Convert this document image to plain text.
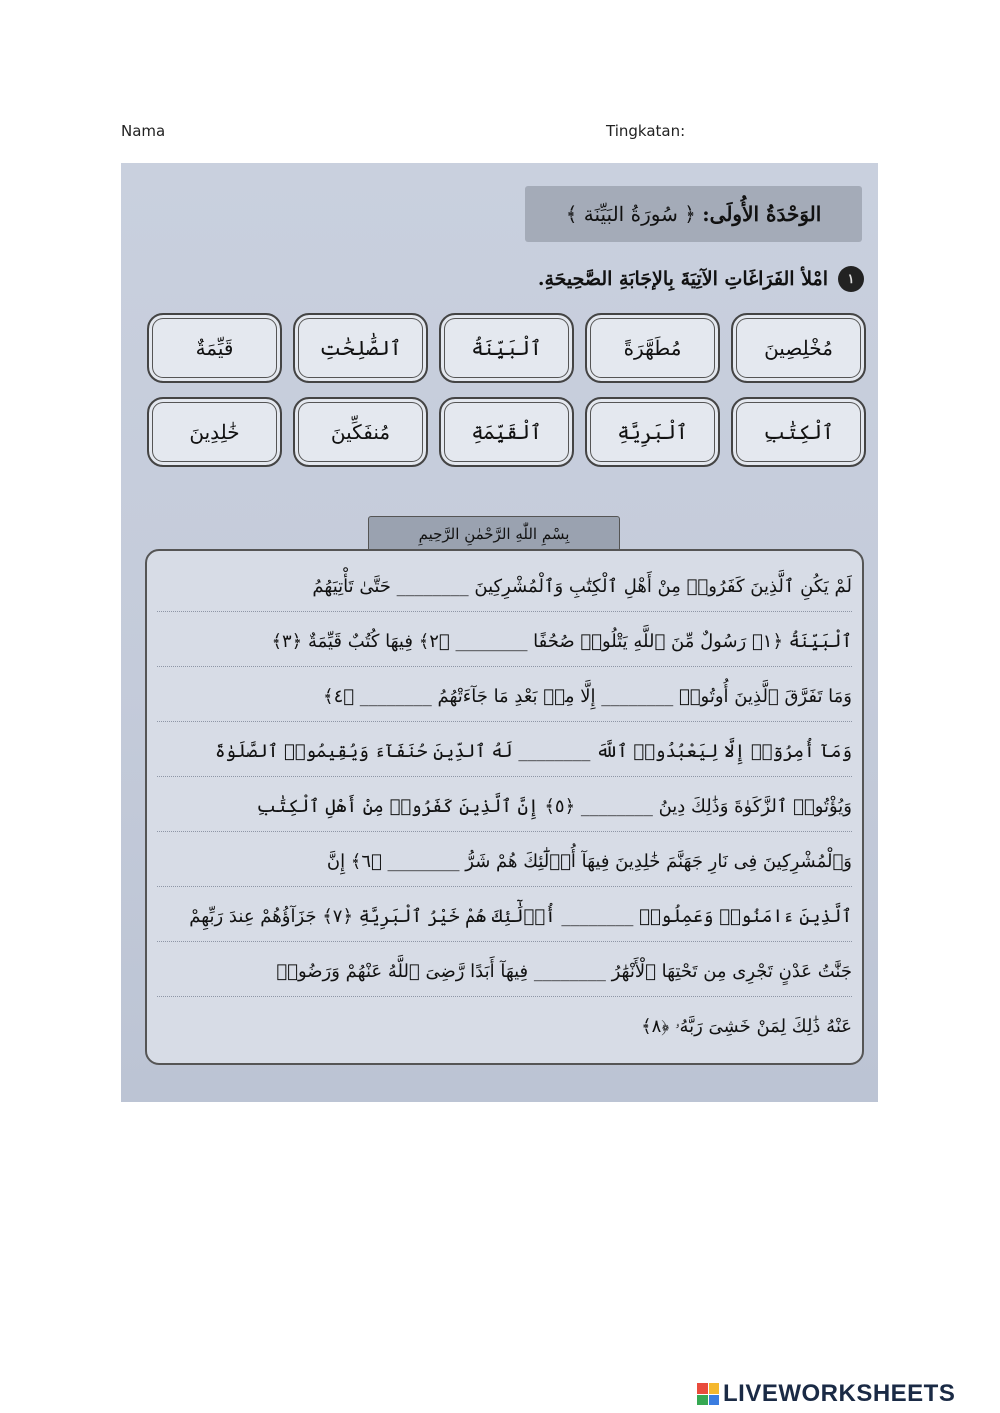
Nama	Tingkatan:
الوَحْدَةُ الأُولَى:

﴿ سُورَةُ البَيِّنَة ﴾
١
امْلأ الفَرَاغَاتِ الآتِيَةَ بِالإجَابَةِ الصَّحِيحَةِ.
مُخْلِصِينَ
مُطَهَّرَةً
ٱلْبَيِّنَةُ
ٱلصَّٰلِحَٰتِ
قَيِّمَةٌ
ٱلْكِتَٰبِ
ٱلْبَرِيَّةِ
ٱلْقَيِّمَةِ
مُنفَكِّينَ
خَٰلِدِينَ
بِسْمِ اللّٰهِ الرَّحْمٰنِ الرَّحِيمِ
لَمْ يَكُنِ ٱلَّذِينَ كَفَرُوا۟ مِنْ أَهْلِ ٱلْكِتَٰبِ وَٱلْمُشْرِكِينَ ________ حَتَّىٰ تَأْتِيَهُمُ
ٱلْبَيِّنَةُ ﴿١﴾ رَسُولٌ مِّنَ ٱللَّهِ يَتْلُوا۟ صُحُفًا ________ ﴿٢﴾ فِيهَا كُتُبٌ قَيِّمَةٌ ﴿٣﴾
وَمَا تَفَرَّقَ ٱلَّذِينَ أُوتُوا۟ ________ إِلَّا مِنۢ بَعْدِ مَا جَآءَتْهُمُ ________ ﴿٤﴾
وَمَآ أُمِرُوٓا۟ إِلَّا لِيَعْبُدُوا۟ ٱللَّهَ ________ لَهُ ٱلدِّينَ حُنَفَآءَ وَيُقِيمُوا۟ ٱلصَّلَوٰةَ
وَيُؤْتُوا۟ ٱلزَّكَوٰةَ وَذَٰلِكَ دِينُ ________ ﴿٥﴾ إِنَّ ٱلَّذِينَ كَفَرُوا۟ مِنْ أَهْلِ ٱلْكِتَٰبِ
وَٱلْمُشْرِكِينَ فِى نَارِ جَهَنَّمَ خَٰلِدِينَ فِيهَآ أُو۟لَٰٓئِكَ هُمْ شَرُّ ________ ﴿٦﴾ إِنَّ
ٱلَّذِينَ ءَامَنُوا۟ وَعَمِلُوا۟ ________ أُو۟لَٰٓئِكَ هُمْ خَيْرُ ٱلْبَرِيَّةِ ﴿٧﴾ جَزَآؤُهُمْ عِندَ رَبِّهِمْ
جَنَّٰتُ عَدْنٍ تَجْرِى مِن تَحْتِهَا ٱلْأَنْهَٰرُ ________ فِيهَآ أَبَدًا رَّضِىَ ٱللَّهُ عَنْهُمْ وَرَضُوا۟
عَنْهُ ذَٰلِكَ لِمَنْ خَشِىَ رَبَّهُۥ ﴿٨﴾
LIVEWORKSHEETS
